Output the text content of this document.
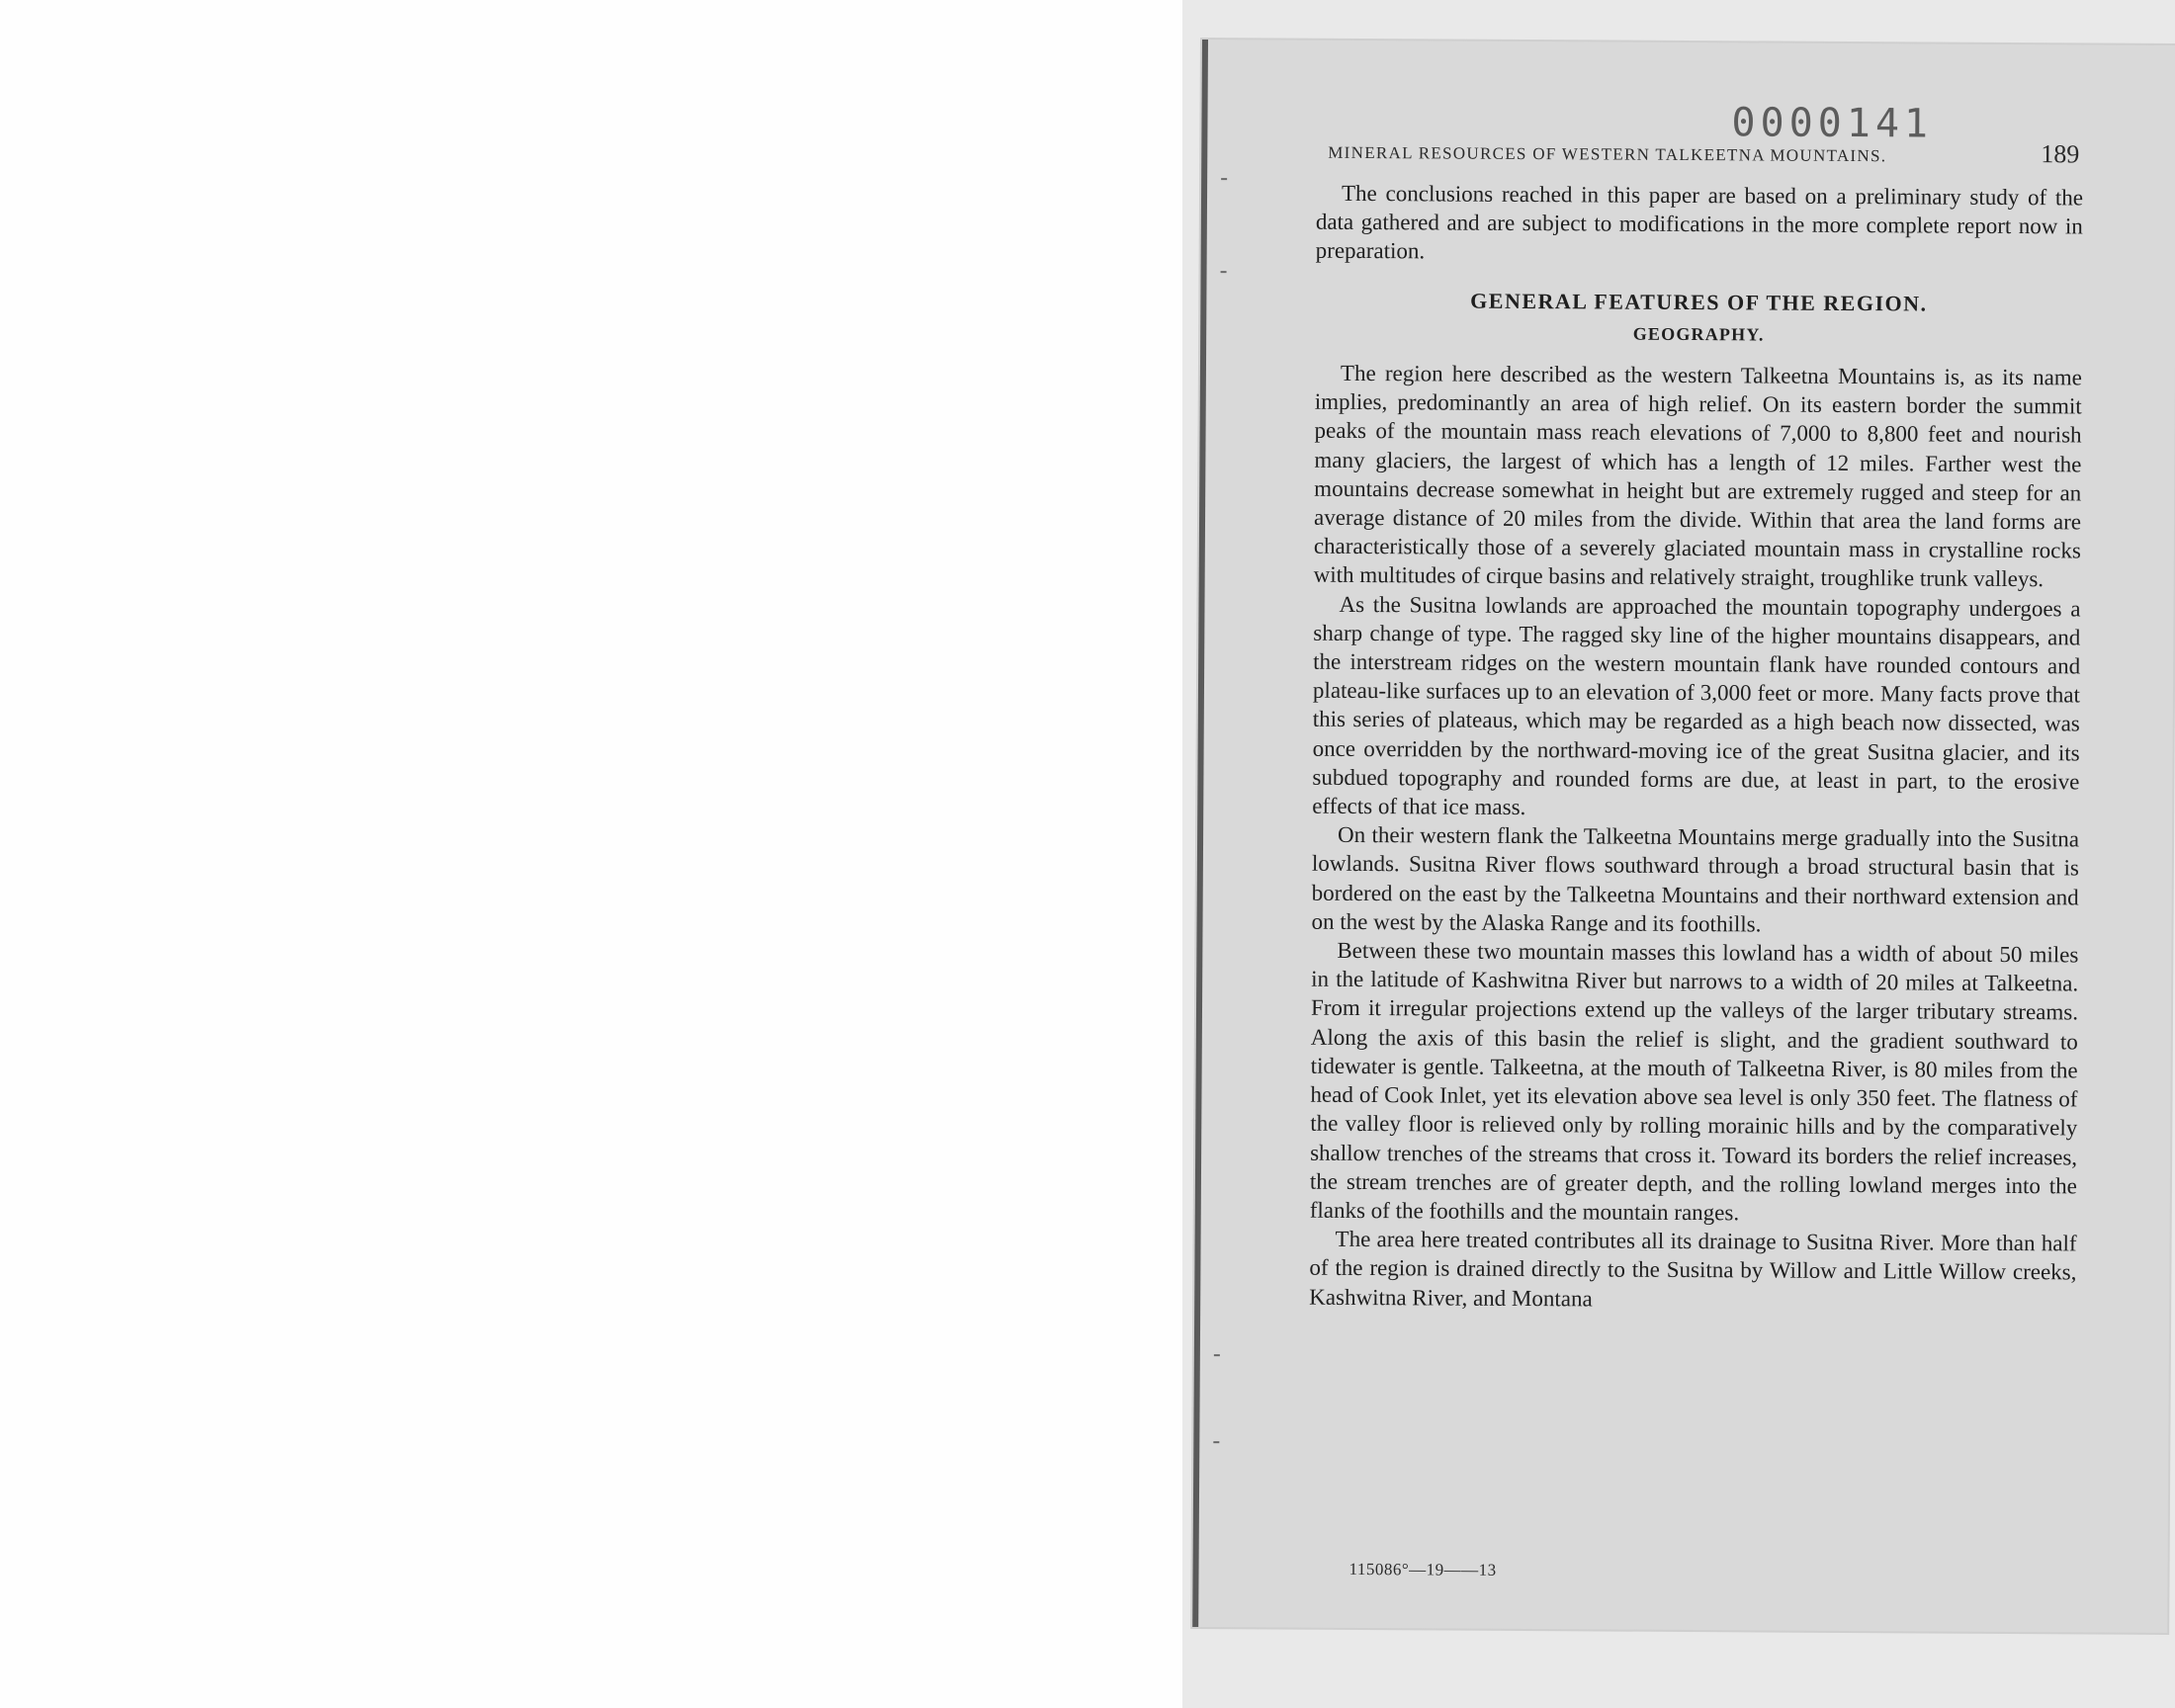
0000141
MINERAL RESOURCES OF WESTERN TALKEETNA MOUNTAINS.	189

The conclusions reached in this paper are based on a preliminary study of the data gathered and are subject to modifications in the more complete report now in preparation.

GENERAL FEATURES OF THE REGION.
GEOGRAPHY.

The region here described as the western Talkeetna Mountains is, as its name implies, predominantly an area of high relief. On its eastern border the summit peaks of the mountain mass reach elevations of 7,000 to 8,800 feet and nourish many glaciers, the largest of which has a length of 12 miles. Farther west the mountains decrease somewhat in height but are extremely rugged and steep for an average distance of 20 miles from the divide. Within that area the land forms are characteristically those of a severely glaciated mountain mass in crystalline rocks with multitudes of cirque basins and relatively straight, troughlike trunk valleys.

As the Susitna lowlands are approached the mountain topography undergoes a sharp change of type. The ragged sky line of the higher mountains disappears, and the interstream ridges on the western mountain flank have rounded contours and plateau-like surfaces up to an elevation of 3,000 feet or more. Many facts prove that this series of plateaus, which may be regarded as a high beach now dissected, was once overridden by the northward-moving ice of the great Susitna glacier, and its subdued topography and rounded forms are due, at least in part, to the erosive effects of that ice mass.

On their western flank the Talkeetna Mountains merge gradually into the Susitna lowlands. Susitna River flows southward through a broad structural basin that is bordered on the east by the Talkeetna Mountains and their northward extension and on the west by the Alaska Range and its foothills.

Between these two mountain masses this lowland has a width of about 50 miles in the latitude of Kashwitna River but narrows to a width of 20 miles at Talkeetna. From it irregular projections extend up the valleys of the larger tributary streams. Along the axis of this basin the relief is slight, and the gradient southward to tidewater is gentle. Talkeetna, at the mouth of Talkeetna River, is 80 miles from the head of Cook Inlet, yet its elevation above sea level is only 350 feet. The flatness of the valley floor is relieved only by rolling morainic hills and by the comparatively shallow trenches of the streams that cross it. Toward its borders the relief increases, the stream trenches are of greater depth, and the rolling lowland merges into the flanks of the foothills and the mountain ranges.

The area here treated contributes all its drainage to Susitna River. More than half of the region is drained directly to the Susitna by Willow and Little Willow creeks, Kashwitna River, and Montana

115086°—19——13
